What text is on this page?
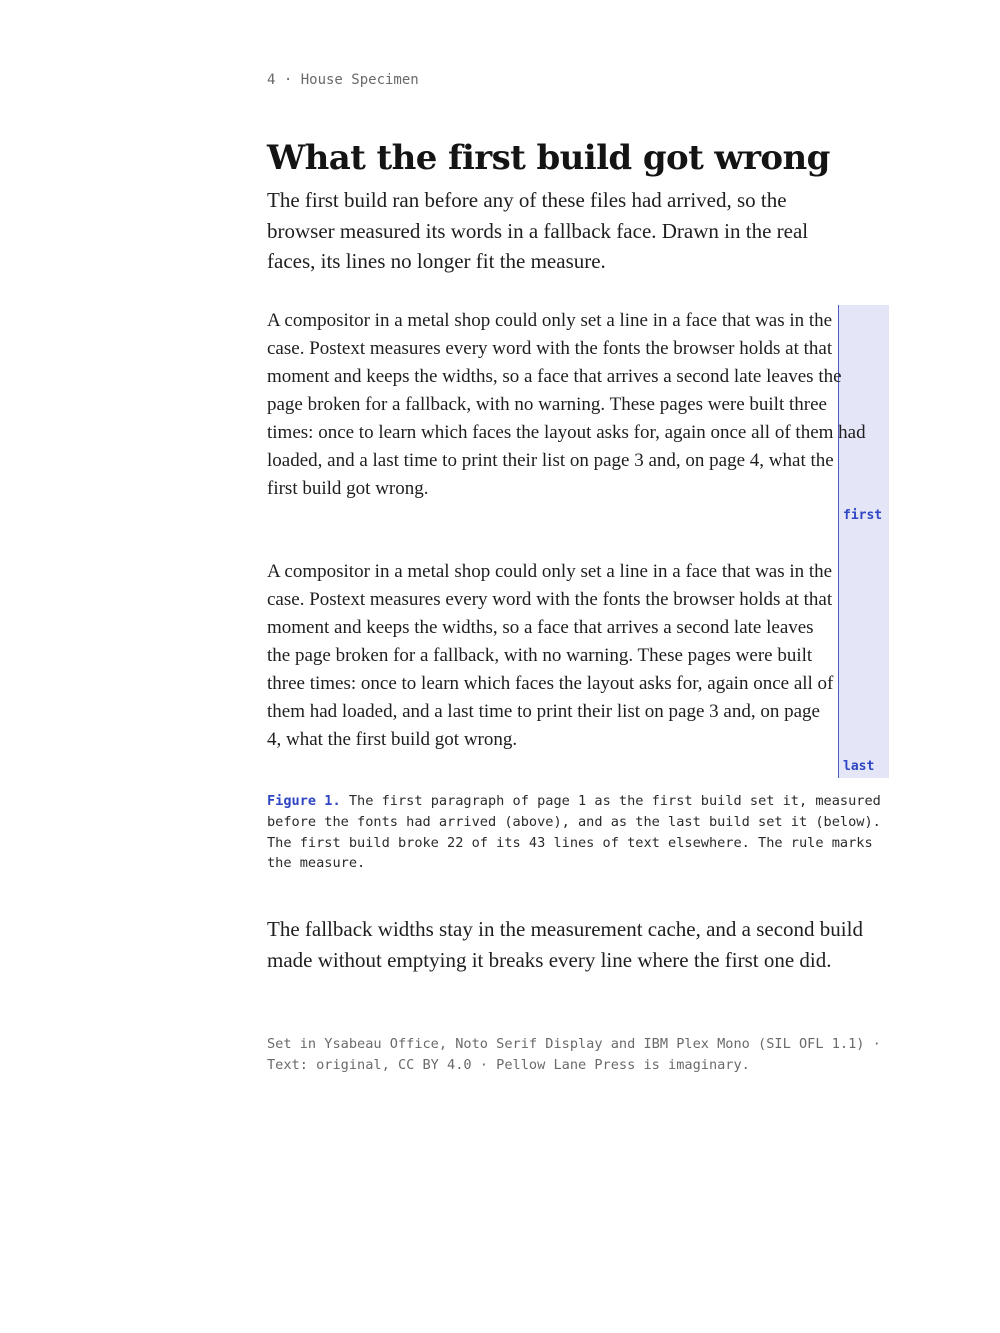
4 · House Specimen
What the first build got wrong

The first build ran before any of these files had arrived, so the browser measured its words in a fallback face. Drawn in the real faces, its lines no longer fit the measure.

A compositor in a metal shop could only set a line in a face that was in the case. Postext measures every word with the fonts the browser holds at that moment and keeps the widths, so a face that arrives a second late leaves the page broken for a fallback, with no warning. These pages were built three times: once to learn which faces the layout asks for, again once all of them had loaded, and a last time to print their list on page 3 and, on page 4, what the first build got wrong.

first

A compositor in a metal shop could only set a line in a face that was in the case. Postext measures every word with the fonts the browser holds at that moment and keeps the widths, so a face that arrives a second late leaves the page broken for a fallback, with no warning. These pages were built three times: once to learn which faces the layout asks for, again once all of them had loaded, and a last time to print their list on page 3 and, on page 4, what the first build got wrong.

last

Figure 1. The first paragraph of page 1 as the first build set it, measured before the fonts had arrived (above), and as the last build set it (below). The first build broke 22 of its 43 lines of text elsewhere. The rule marks the measure.

The fallback widths stay in the measurement cache, and a second build made without emptying it breaks every line where the first one did.

Set in Ysabeau Office, Noto Serif Display and IBM Plex Mono (SIL OFL 1.1) · Text: original, CC BY 4.0 · Pellow Lane Press is imaginary.
